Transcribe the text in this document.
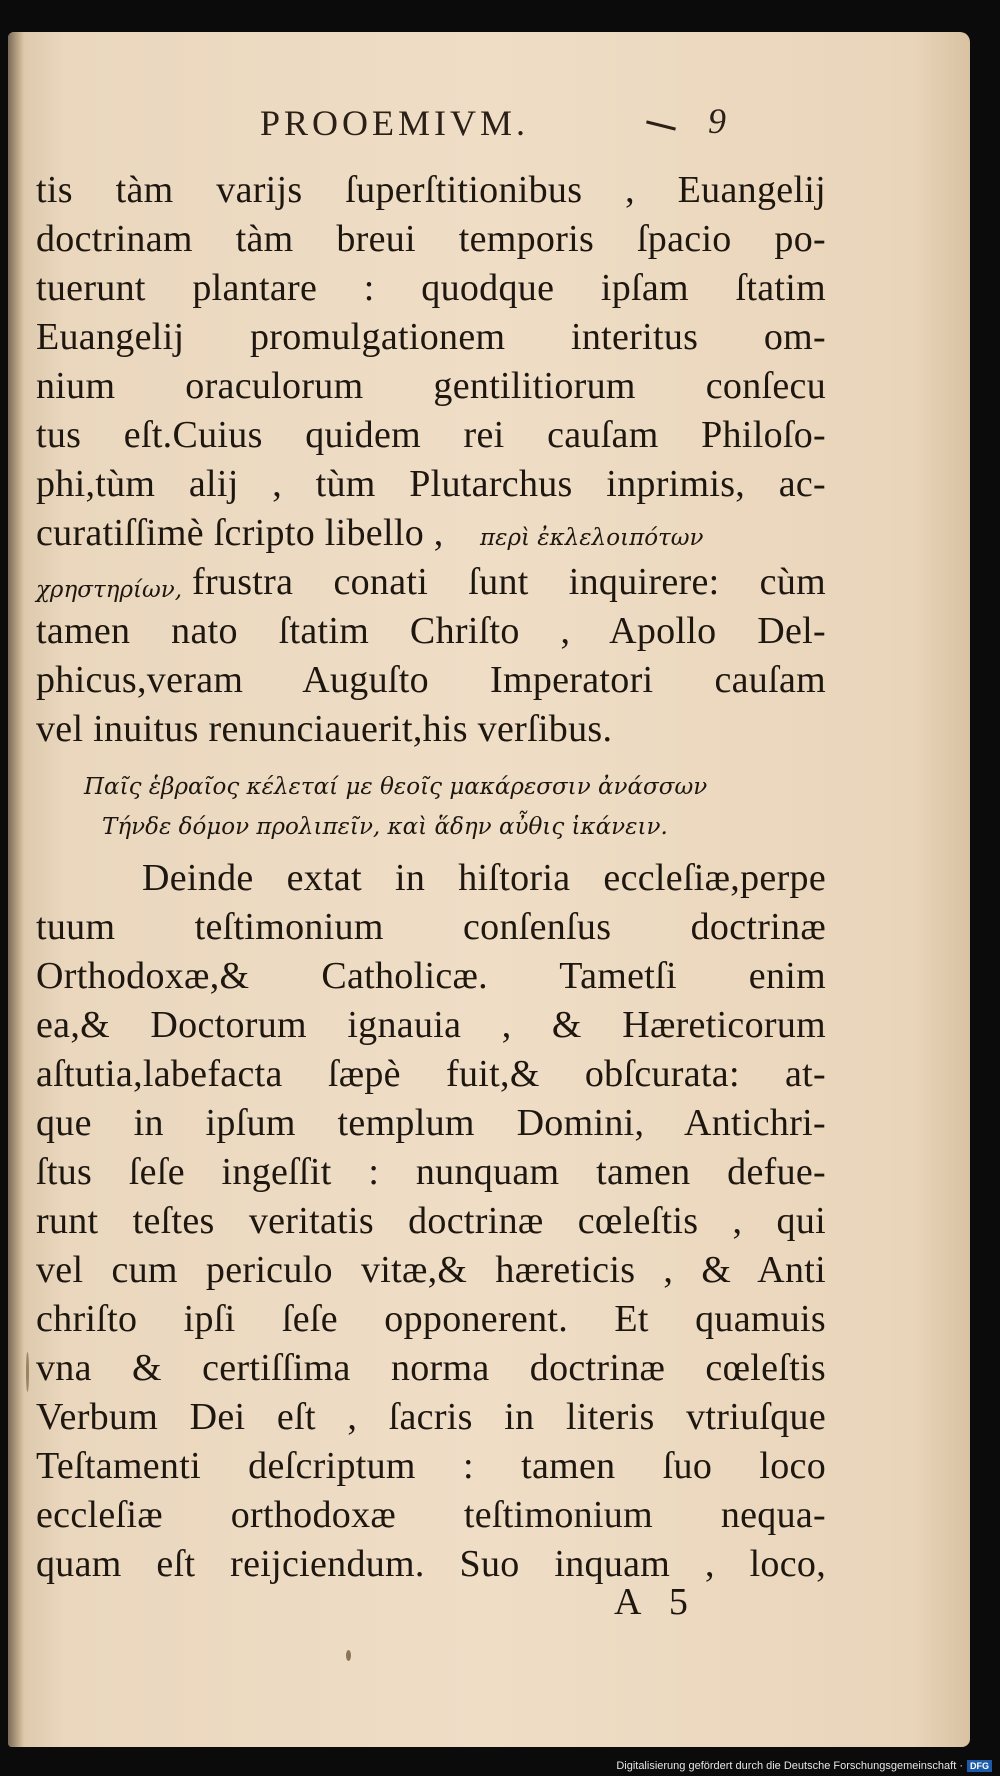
PROOEMIVM.	9
tis tàm varijs ſuperſtitionibus , Euangelij
doctrinam tàm breui temporis ſpacio po-
tuerunt plantare : quodque ipſam ſtatim
Euangelij promulgationem interitus om-
nium oraculorum gentilitiorum conſecu
tus eſt.Cuius quidem rei cauſam Philoſo-
phi,tùm alij , tùm Plutarchus inprimis, ac-
curatiſſimè ſcripto libello ,	περὶ ἐκλελοιπότων
χρηστηρίων, frustra conati ſunt inquirere: cùm
tamen nato ſtatim Chriſto , Apollo Del-
phicus,veram Auguſto Imperatori cauſam
vel inuitus renunciauerit,his verſibus.
Παῖς ἑβραῖος κέλεταί με θεοῖς μακάρεσσιν ἀνάσσων
Τήνδε δόμον προλιπεῖν, καὶ ἅδην αὖθις ἱκάνειν.
Deinde extat in hiſtoria eccleſiæ,perpe
tuum teſtimonium conſenſus doctrinæ
Orthodoxæ,& Catholicæ. Tametſi enim
ea,& Doctorum ignauia , & Hæreticorum
aſtutia,labefacta ſæpè fuit,& obſcurata: at-
que in ipſum templum Domini, Antichri-
ſtus ſeſe ingeſſit : nunquam tamen defue-
runt teſtes veritatis doctrinæ cœleſtis , qui
vel cum periculo vitæ,& hæreticis , & Anti
chriſto ipſi ſeſe opponerent. Et quamuis
vna & certiſſima norma doctrinæ cœleſtis
Verbum Dei eſt , ſacris in literis vtriuſque
Teſtamenti deſcriptum : tamen ſuo loco
eccleſiæ orthodoxæ teſtimonium nequa-
quam eſt reijciendum. Suo inquam , loco,
A 5
Digitalisierung gefördert durch die Deutsche Forschungsgemeinschaft · DFG
